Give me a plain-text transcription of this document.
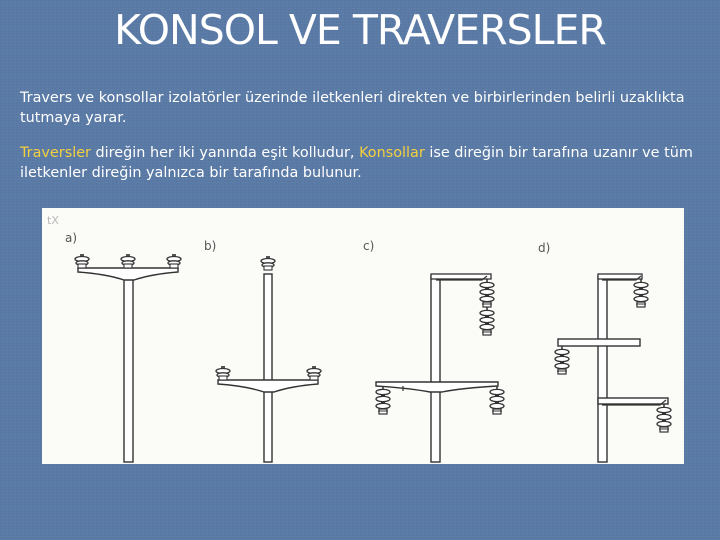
KONSOL VE TRAVERSLER

Travers ve konsollar izolatörler üzerinde iletkenleri direkten ve birbirlerinden belirli uzaklıkta tutmaya yarar.

Traversler direğin her iki yanında eşit kolludur, Konsollar ise direğin bir tarafına uzanır ve tüm iletkenler direğin yalnızca bir tarafında bulunur.

tX
a)
b)	c)	d)
